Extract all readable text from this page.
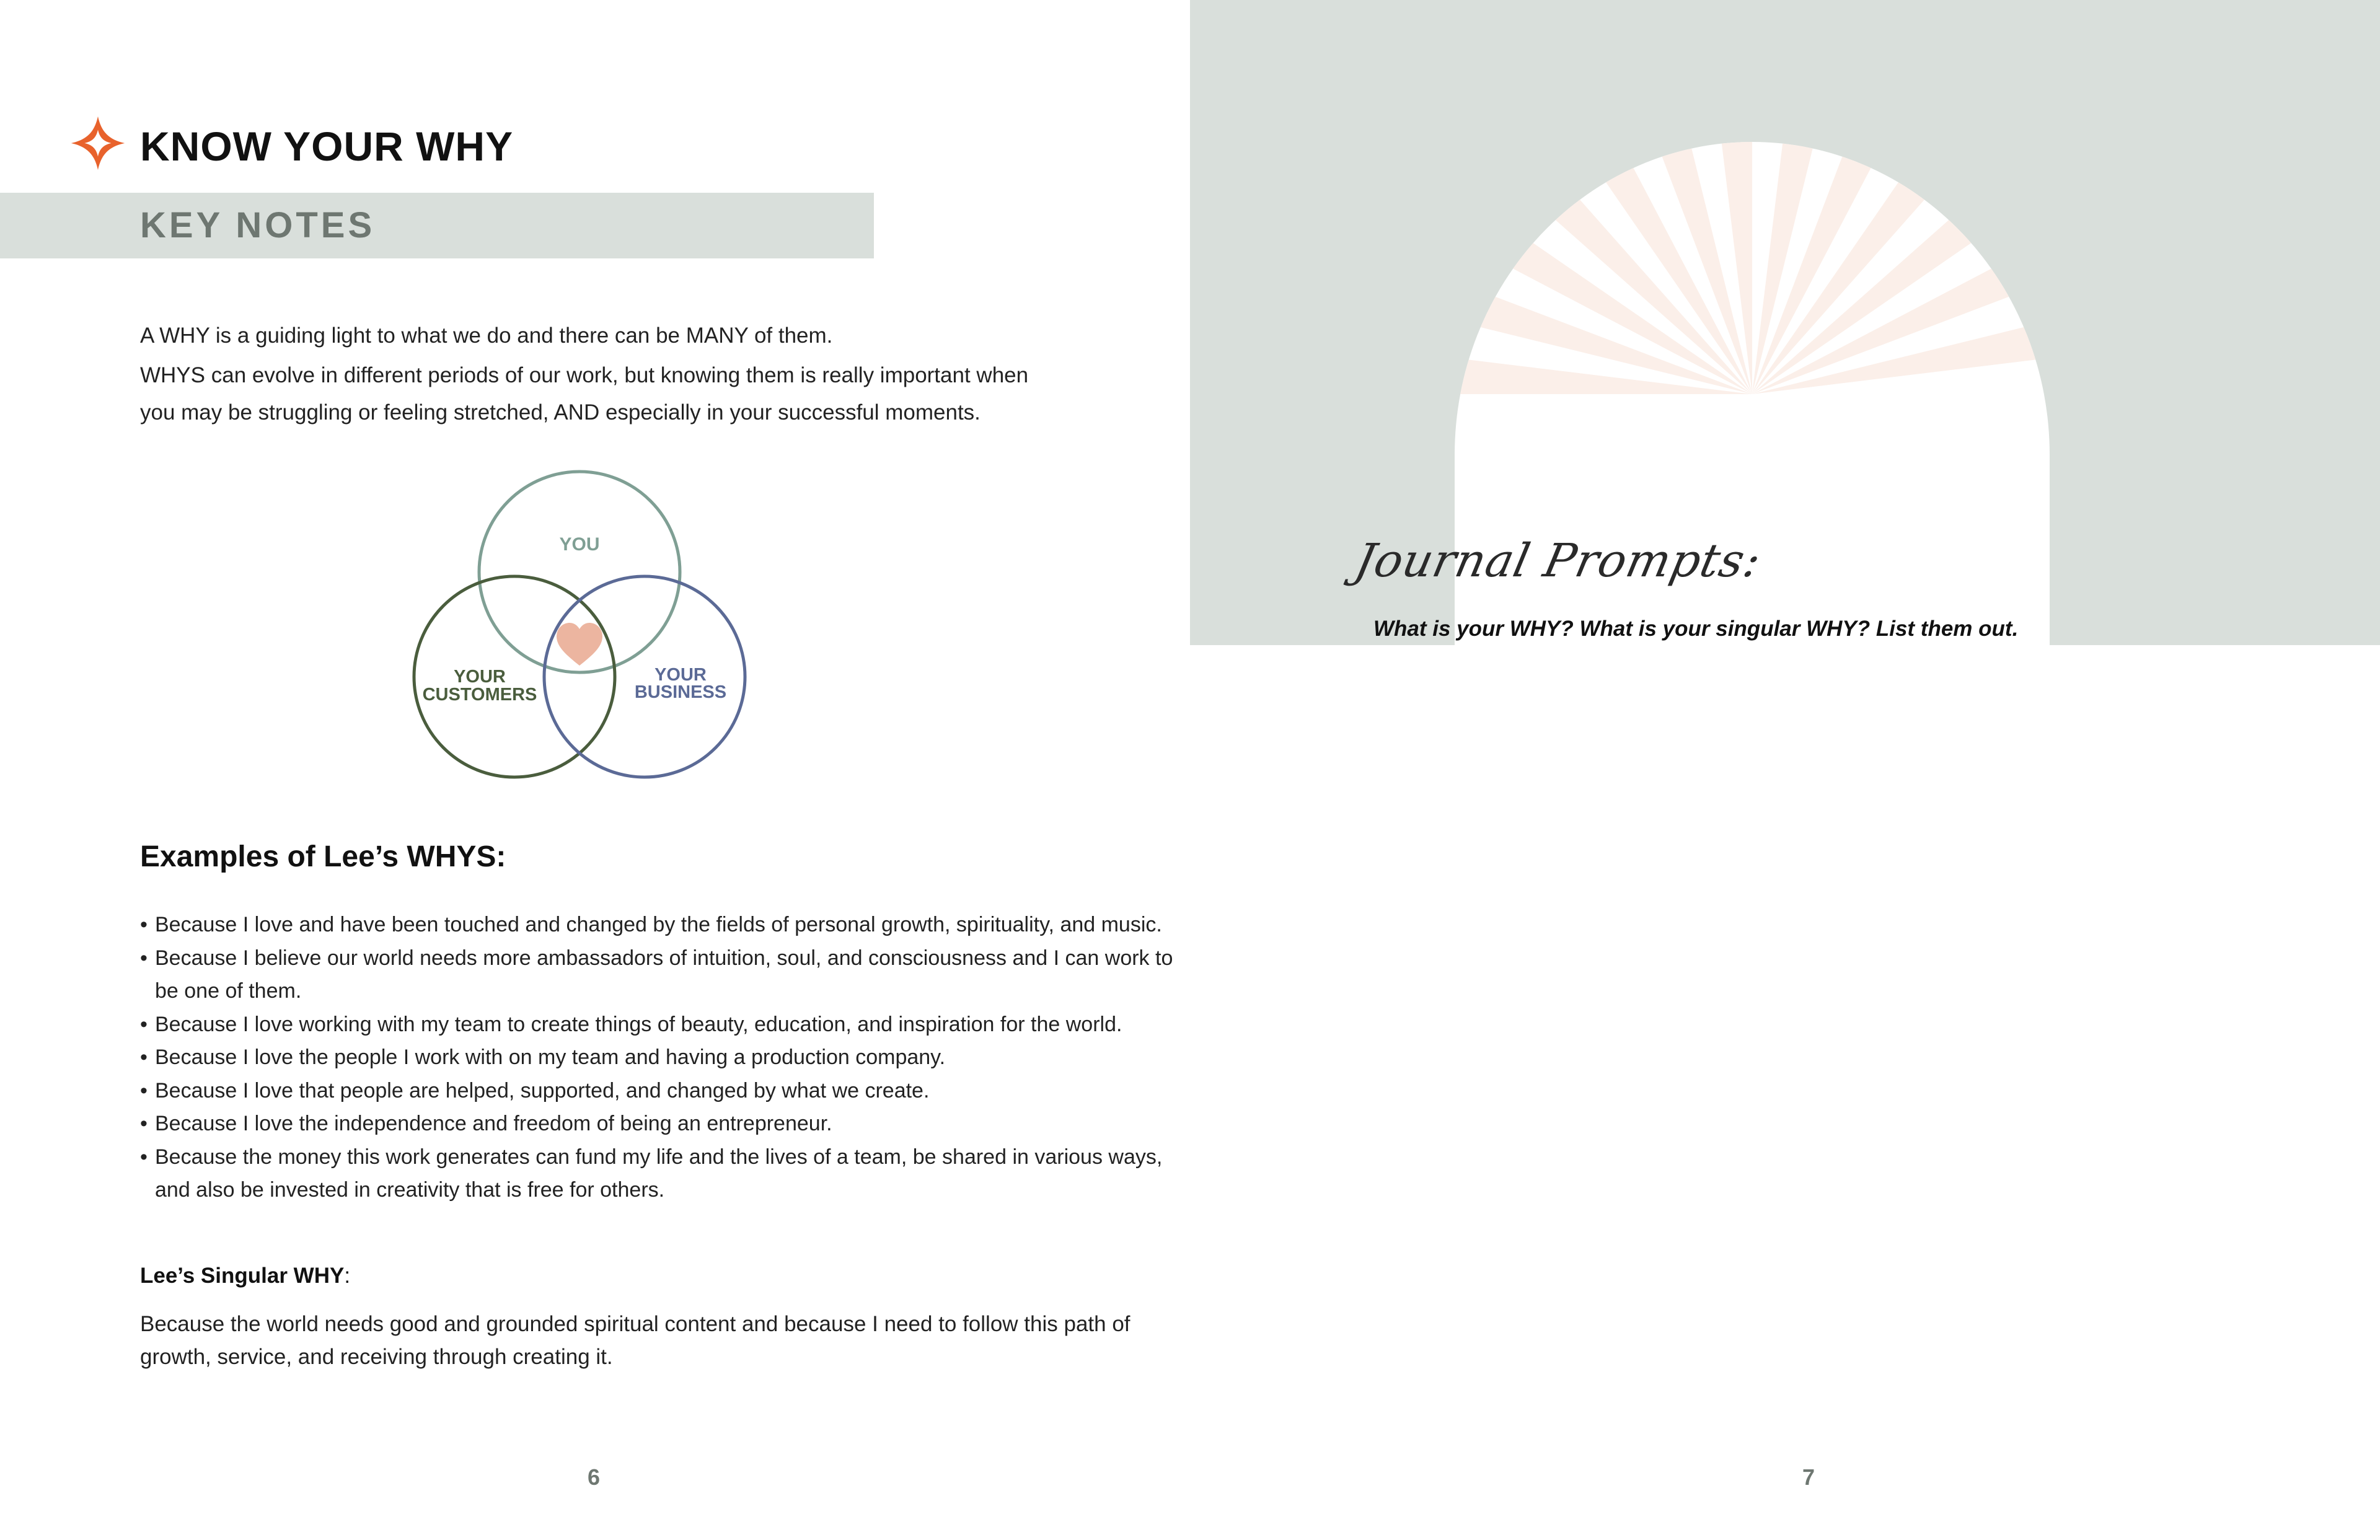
KNOW YOUR WHY
KEY NOTES

A WHY is a guiding light to what we do and there can be MANY of them.

WHYS can evolve in different periods of our work, but knowing them is really important when

you may be struggling or feeling stretched, AND especially in your successful moments.

YOU
YOUR
CUSTOMERS
YOUR
BUSINESS
Examples of Lee’s WHYS:
• Because I love and have been touched and changed by the fields of personal growth, spirituality, and music.
• Because I believe our world needs more ambassadors of intuition, soul, and consciousness and I can work to
be one of them.
• Because I love working with my team to create things of beauty, education, and inspiration for the world.
• Because I love the people I work with on my team and having a production company.
• Because I love that people are helped, supported, and changed by what we create.
• Because I love the independence and freedom of being an entrepreneur.
• Because the money this work generates can fund my life and the lives of a team, be shared in various ways,
and also be invested in creativity that is free for others.
Lee’s Singular WHY:

Because the world needs good and grounded spiritual content and because I need to follow this path of

growth, service, and receiving through creating it.

6
Journal Prompts:
What is your WHY? What is your singular WHY? List them out.
7
